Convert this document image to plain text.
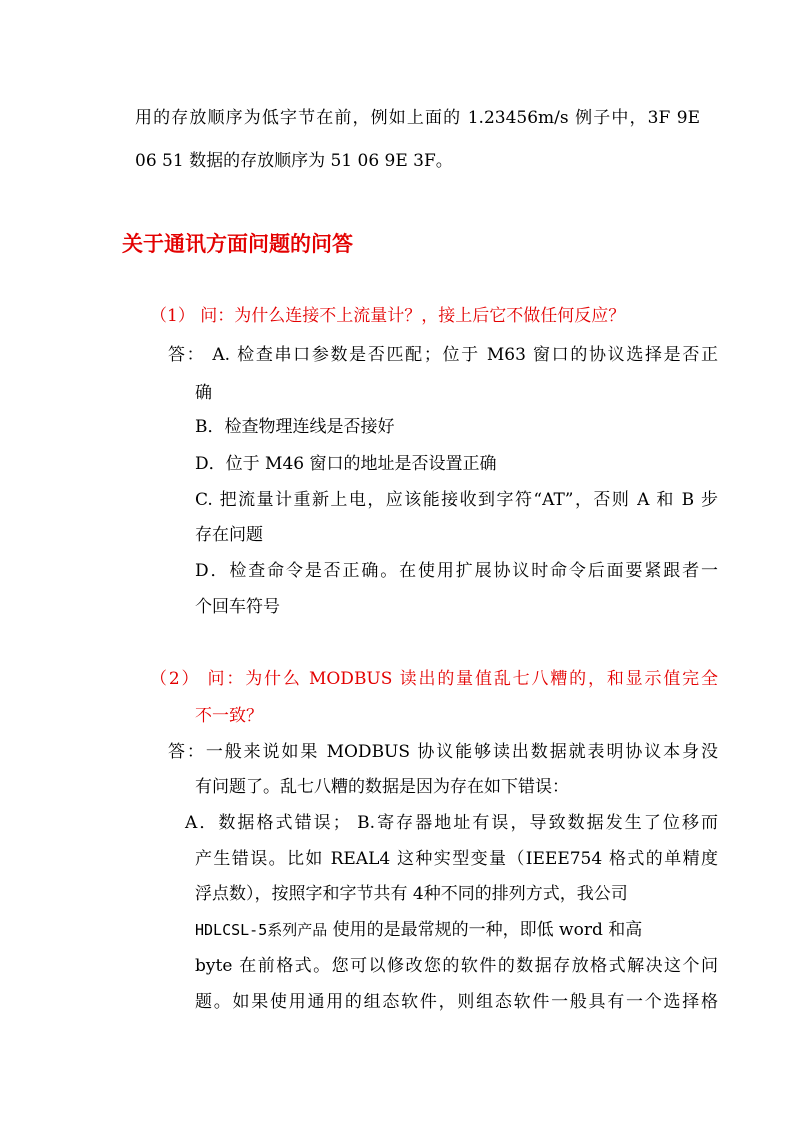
用的存放顺序为低字节在前，例如上面的 1.23456m/s 例子中，3F 9E
06 51 数据的存放顺序为 51 06 9E 3F。
关于通讯方面问题的问答
（1） 问：为什么连接不上流量计？，接上后它不做任何反应？
答： A. 检查串口参数是否匹配；位于 M63 窗口的协议选择是否正
确
B．检查物理连线是否接好
D．位于 M46 窗口的地址是否设置正确
C. 把流量计重新上电，应该能接收到字符“AT”，否则 A 和 B 步
存在问题
D．检查命令是否正确。在使用扩展协议时命令后面要紧跟者一
个回车符号
（2） 问：为什么 MODBUS 读出的量值乱七八糟的，和显示值完全
不一致？
答：一般来说如果 MODBUS 协议能够读出数据就表明协议本身没
有问题了。乱七八糟的数据是因为存在如下错误：
A．数据格式错误； B.寄存器地址有误，导致数据发生了位移而
产生错误。比如 REAL4 这种实型变量（IEEE754 格式的单精度
浮点数），按照字和字节共有 4种不同的排列方式，我公司
HDLCSL-5系列产品 使用的是最常规的一种，即低 word 和高
byte 在前格式。您可以修改您的软件的数据存放格式解决这个问
题。如果使用通用的组态软件，则组态软件一般具有一个选择格
